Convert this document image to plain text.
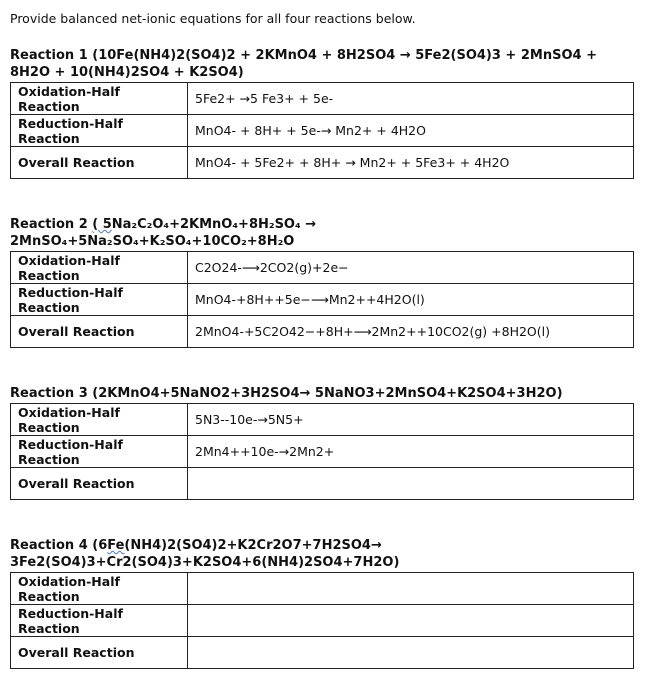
Provide balanced net-ionic equations for all four reactions below.
Reaction 1 (10Fe(NH4)2(SO4)2 + 2KMnO4 + 8H2SO4 → 5Fe2(SO4)3 + 2MnSO4 +
8H2O + 10(NH4)2SO4 + K2SO4)
Oxidation-Half Reaction	5Fe2+ →5 Fe3+ + 5e-
Reduction-Half Reaction	MnO4- + 8H+ + 5e-→ Mn2+ + 4H2O
Overall Reaction	MnO4- + 5Fe2+ + 8H+ → Mn2+ + 5Fe3+ + 4H2O
Reaction 2 ( 5Na₂C₂O₄+2KMnO₄+8H₂SO₄ →
2MnSO₄+5Na₂SO₄+K₂SO₄+10CO₂+8H₂O
Oxidation-Half Reaction	C2O24-⟶2CO2(g)+2e−
Reduction-Half Reaction	MnO4-+8H++5e−⟶Mn2++4H2O(l)
Overall Reaction	2MnO4-+5C2O42−+8H+⟶2Mn2++10CO2(g) +8H2O(l)
Reaction 3 (2KMnO4+5NaNO2+3H2SO4→ 5NaNO3+2MnSO4+K2SO4+3H2O)
Oxidation-Half Reaction	5N3--10e-→5N5+
Reduction-Half Reaction	2Mn4++10e-→2Mn2+
Overall Reaction	
Reaction 4 (6Fe(NH4)2(SO4)2+K2Cr2O7+7H2SO4→
3Fe2(SO4)3+Cr2(SO4)3+K2SO4+6(NH4)2SO4+7H2O)
Oxidation-Half Reaction	
Reduction-Half Reaction	
Overall Reaction	
